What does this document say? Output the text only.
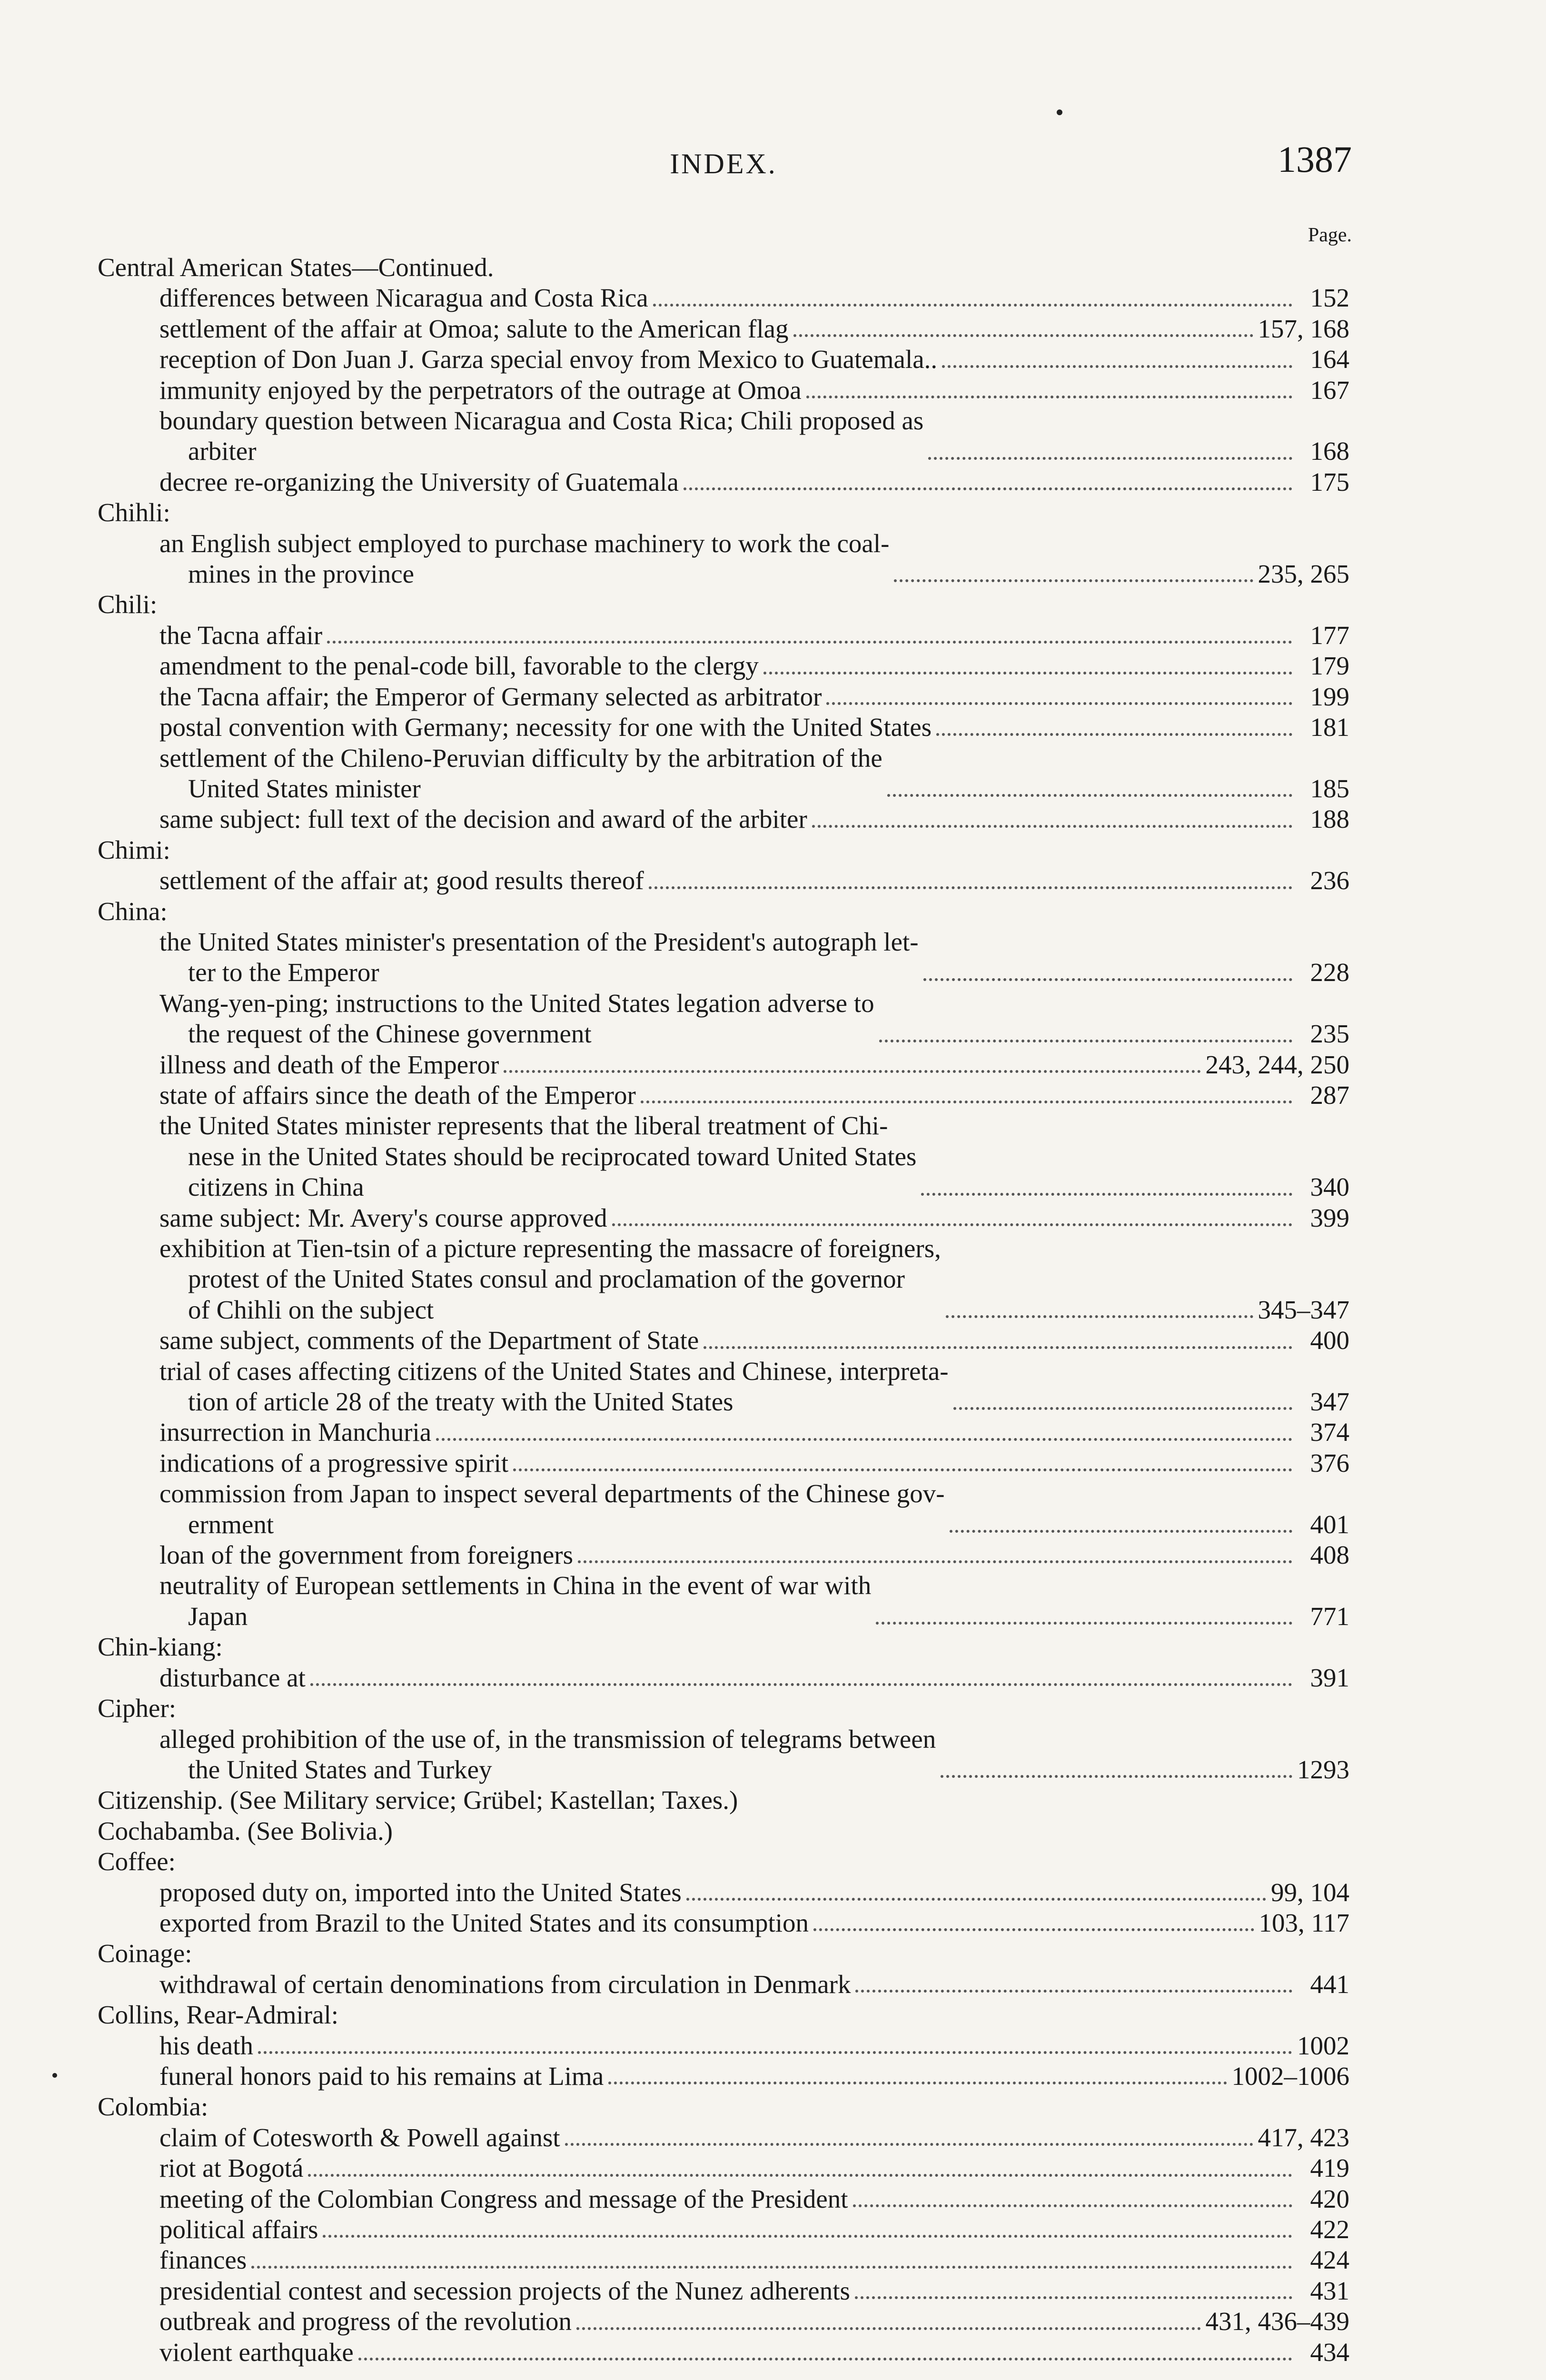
INDEX.	1387
Page.
Central American States—Continued.
differences between Nicaragua and Costa Rica	152
settlement of the affair at Omoa; salute to the American flag	157, 168
reception of Don Juan J. Garza special envoy from Mexico to Guatemala..	164
immunity enjoyed by the perpetrators of the outrage at Omoa	167
boundary question between Nicaragua and Costa Rica; Chili proposed as
arbiter	168
decree re-organizing the University of Guatemala	175
Chihli:
an English subject employed to purchase machinery to work the coal-
mines in the province	235, 265
Chili:
the Tacna affair	177
amendment to the penal-code bill, favorable to the clergy	179
the Tacna affair; the Emperor of Germany selected as arbitrator	199
postal convention with Germany; necessity for one with the United States	181
settlement of the Chileno-Peruvian difficulty by the arbitration of the
United States minister	185
same subject: full text of the decision and award of the arbiter	188
Chimi:
settlement of the affair at; good results thereof	236
China:
the United States minister's presentation of the President's autograph let-
ter to the Emperor	228
Wang-yen-ping; instructions to the United States legation adverse to
the request of the Chinese government	235
illness and death of the Emperor	243, 244, 250
state of affairs since the death of the Emperor	287
the United States minister represents that the liberal treatment of Chi-
nese in the United States should be reciprocated toward United States
citizens in China	340
same subject: Mr. Avery's course approved	399
exhibition at Tien-tsin of a picture representing the massacre of foreigners,
protest of the United States consul and proclamation of the governor
of Chihli on the subject	345–347
same subject, comments of the Department of State	400
trial of cases affecting citizens of the United States and Chinese, interpreta-
tion of article 28 of the treaty with the United States	347
insurrection in Manchuria	374
indications of a progressive spirit	376
commission from Japan to inspect several departments of the Chinese gov-
ernment	401
loan of the government from foreigners	408
neutrality of European settlements in China in the event of war with
Japan	771
Chin-kiang:
disturbance at	391
Cipher:
alleged prohibition of the use of, in the transmission of telegrams between
the United States and Turkey	1293
Citizenship. (See Military service; Grübel; Kastellan; Taxes.)
Cochabamba. (See Bolivia.)
Coffee:
proposed duty on, imported into the United States	99, 104
exported from Brazil to the United States and its consumption	103, 117
Coinage:
withdrawal of certain denominations from circulation in Denmark	441
Collins, Rear-Admiral:
his death	1002
funeral honors paid to his remains at Lima	1002–1006
Colombia:
claim of Cotesworth & Powell against	417, 423
riot at Bogotá	419
meeting of the Colombian Congress and message of the President	420
political affairs	422
finances	424
presidential contest and secession projects of the Nunez adherents	431
outbreak and progress of the revolution	431, 436–439
violent earthquake	434
